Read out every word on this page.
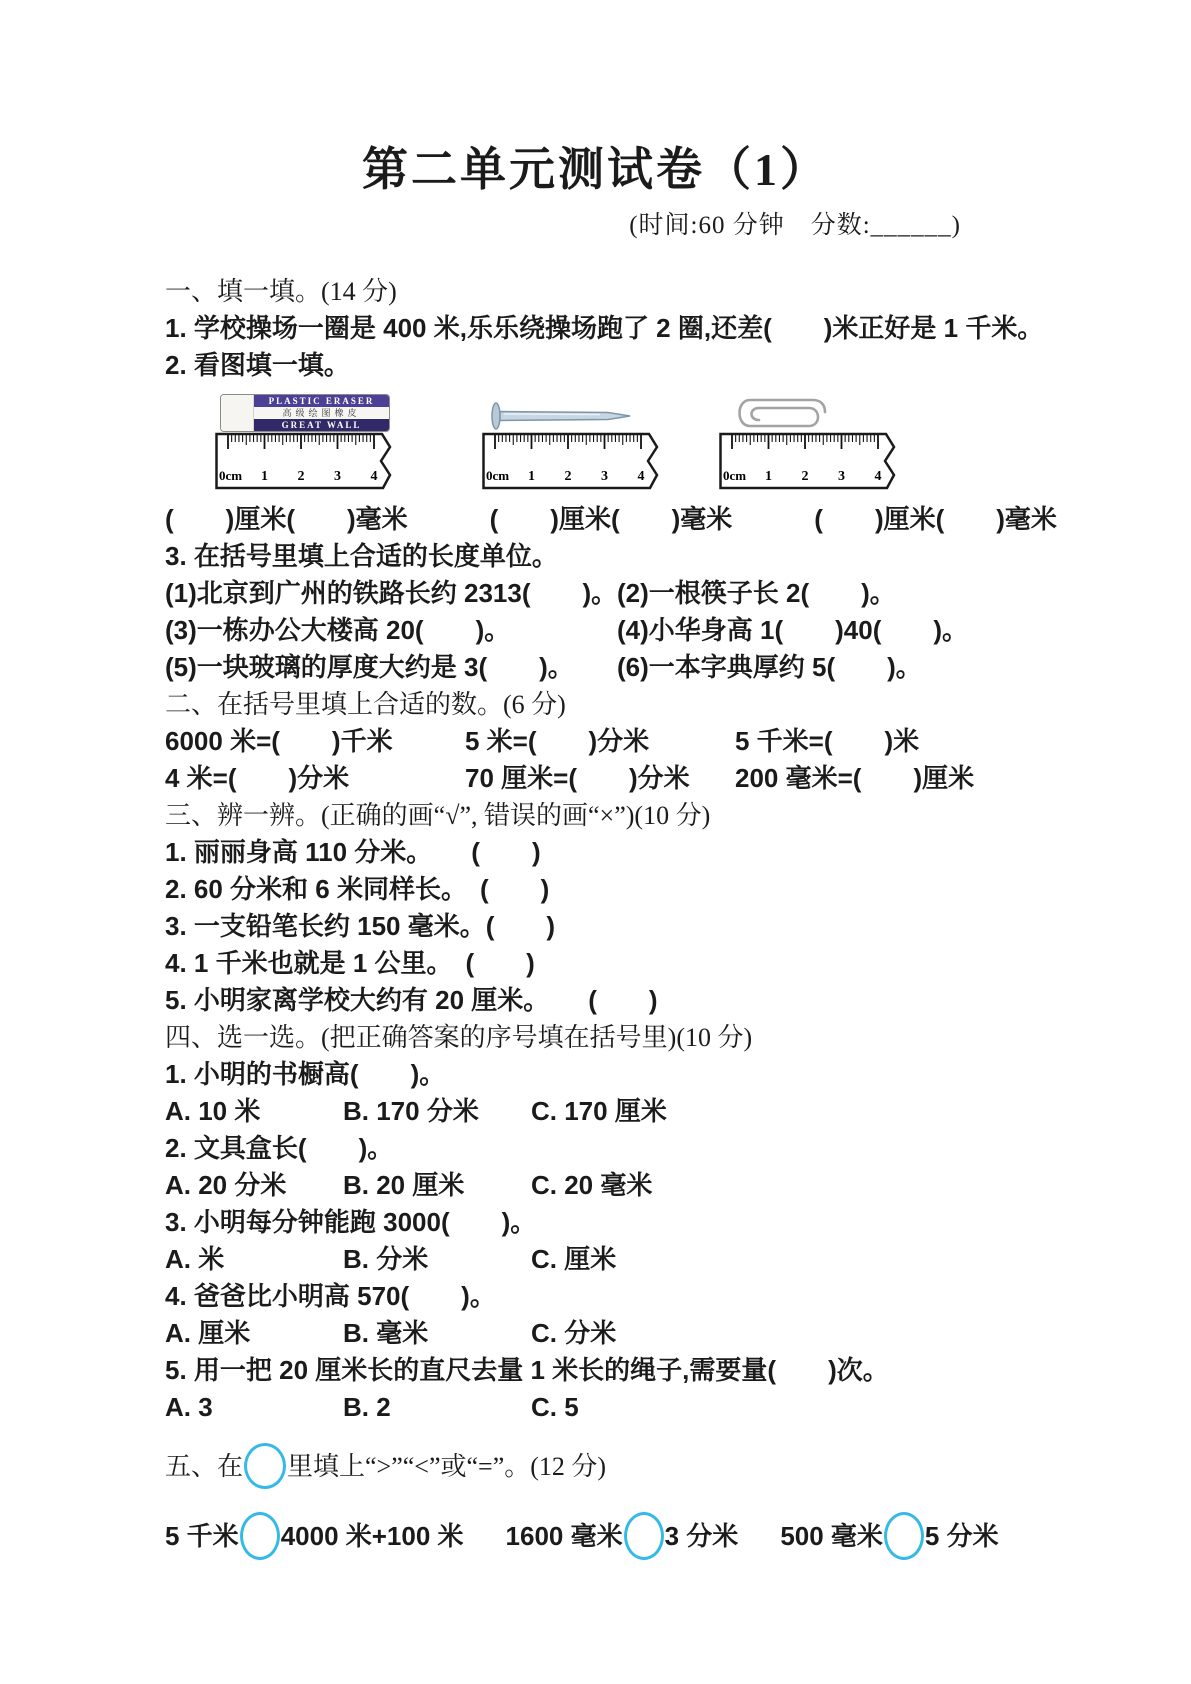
第二单元测试卷（1）
(时间:60 分钟　分数:______)
一、填一填。(14 分)
1. 学校操场一圈是 400 米,乐乐绕操场跑了 2 圈,还差(　　)米正好是 1 千米。
2. 看图填一填。
PLASTIC ERASER
高级绘图橡皮
GREAT WALL
0cm 1 2 3 4	0cm 1 2 3 4	0cm 1 2 3 4
(　　)厘米(　　)毫米	(　　)厘米(　　)毫米	(　　)厘米(　　)毫米
3. 在括号里填上合适的长度单位。
(1)北京到广州的铁路长约 2313(　　)。 (2)一根筷子长 2(　　)。
(3)一栋办公大楼高 20(　　)。	(4)小华身高 1(　　)40(　　)。
(5)一块玻璃的厚度大约是 3(　　)。	(6)一本字典厚约 5(　　)。
二、在括号里填上合适的数。(6 分)
6000 米=(　　)千米	5 米=(　　)分米	5 千米=(　　)米
4 米=(　　)分米	70 厘米=(　　)分米	200 毫米=(　　)厘米
三、辨一辨。(正确的画“√”, 错误的画“×”)(10 分)
1. 丽丽身高 110 分米。　　(　　)
2. 60 分米和 6 米同样长。　(　　)
3. 一支铅笔长约 150 毫米。(　　)
4. 1 千米也就是 1 公里。　(　　)
5. 小明家离学校大约有 20 厘米。　　(　　)
四、选一选。(把正确答案的序号填在括号里)(10 分)
1. 小明的书橱高(　　)。
A. 10 米	B. 170 分米	C. 170 厘米
2. 文具盒长(　　)。
A. 20 分米	B. 20 厘米	C. 20 毫米
3. 小明每分钟能跑 3000(　　)。
A. 米	B. 分米	C. 厘米
4. 爸爸比小明高 570(　　)。
A. 厘米	B. 毫米	C. 分米
5. 用一把 20 厘米长的直尺去量 1 米长的绳子,需要量(　　)次。
A. 3	B. 2	C. 5
五、在 里填上“>”“<”或“=”。(12 分)
5 千米 4000 米+100 米 1600 毫米 3 分米 500 毫米 5 分米
